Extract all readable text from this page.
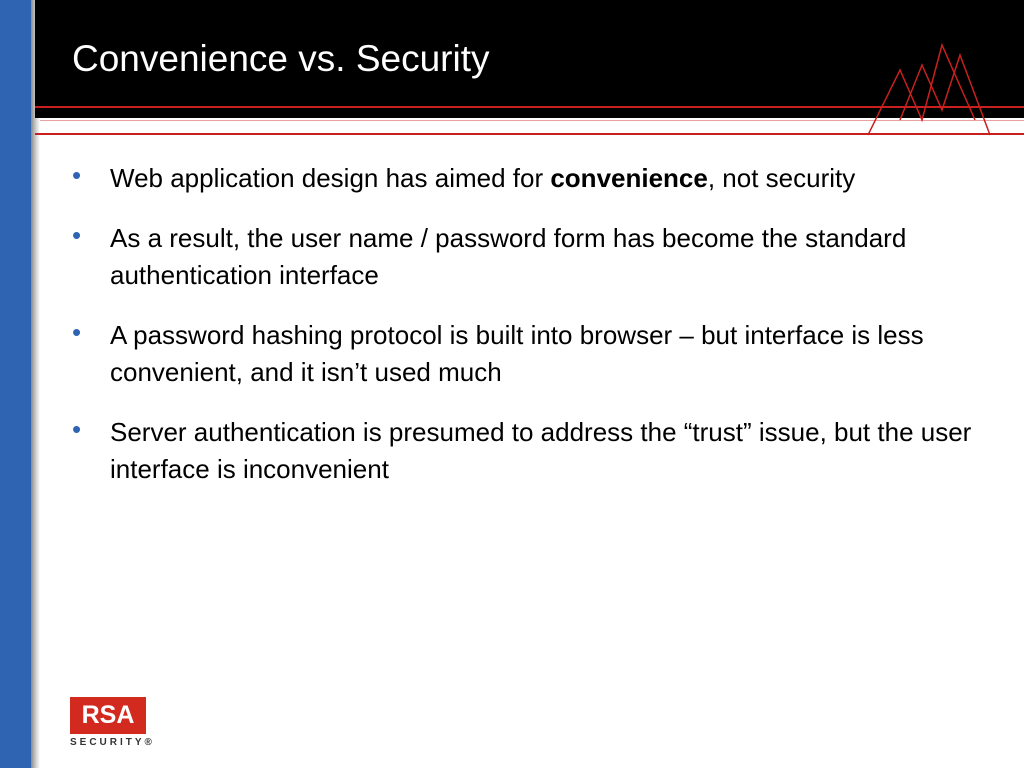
Convenience vs. Security
• Web application design has aimed for convenience, not security
• As a result, the user name / password form has become the standard authentication interface
• A password hashing protocol is built into browser – but interface is less convenient, and it isn’t used much
• Server authentication is presumed to address the “trust” issue, but the user interface is inconvenient
RSA
SECURITY®
